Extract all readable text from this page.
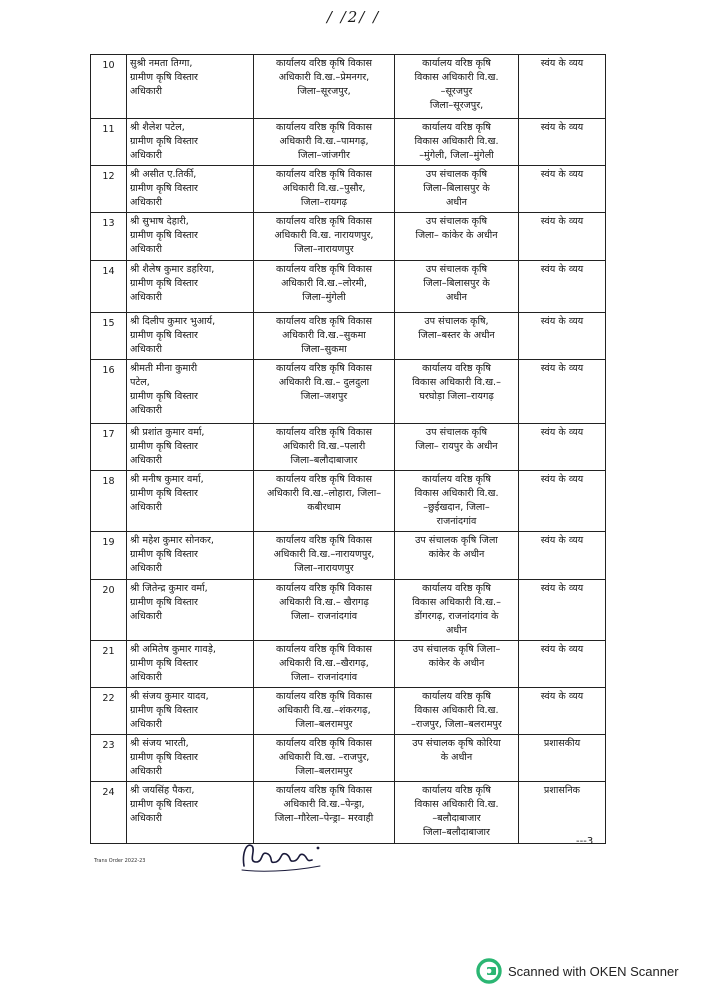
/ /2/ /
10	सुश्री नमता तिग्गा,
ग्रामीण कृषि विस्तार
अधिकारी	कार्यालय वरिष्ठ कृषि विकास
अधिकारी वि.ख.–प्रेमनगर,
जिला–सूरजपुर,	कार्यालय वरिष्ठ कृषि
विकास अधिकारी वि.ख.
–सूरजपुर
जिला–सूरजपुर,	स्वंय के व्यय
11	श्री शैलेश पटेल,
ग्रामीण कृषि विस्तार
अधिकारी	कार्यालय वरिष्ठ कृषि विकास
अधिकारी वि.ख.–पामगढ़,
जिला–जांजगीर	कार्यालय वरिष्ठ कृषि
विकास अधिकारी वि.ख.
–मुंगेली, जिला–मुंगेली	स्वंय के व्यय
12	श्री असीत ए.तिर्की,
ग्रामीण कृषि विस्तार
अधिकारी	कार्यालय वरिष्ठ कृषि विकास
अधिकारी वि.ख.–पुसौर,
जिला–रायगढ़	उप संचालक कृषि
जिला–बिलासपुर के
अधीन	स्वंय के व्यय
13	श्री सुभाष देहारी,
ग्रामीण कृषि विस्तार
अधिकारी	कार्यालय वरिष्ठ कृषि विकास
अधिकारी वि.ख. नारायणपुर,
जिला–नारायणपुर	उप संचालक कृषि
जिला– कांकेर के अधीन	स्वंय के व्यय
14	श्री शैलेष कुमार डहरिया,
ग्रामीण कृषि विस्तार
अधिकारी	कार्यालय वरिष्ठ कृषि विकास
अधिकारी वि.ख.–लोरमी,
जिला–मुंगेली	उप संचालक कृषि
जिला–बिलासपुर के
अधीन	स्वंय के व्यय
15	श्री दिलीप कुमार भुआर्य,
ग्रामीण कृषि विस्तार
अधिकारी	कार्यालय वरिष्ठ कृषि विकास
अधिकारी वि.ख.–सुकमा
जिला–सुकमा	उप संचालक कृषि,
जिला–बस्तर के अधीन	स्वंय के व्यय
16	श्रीमती मीना कुमारी
पटेल,
ग्रामीण कृषि विस्तार
अधिकारी	कार्यालय वरिष्ठ कृषि विकास
अधिकारी वि.ख.– दुलदुला
जिला–जशपुर	कार्यालय वरिष्ठ कृषि
विकास अधिकारी वि.ख.–
घरघोड़ा जिला–रायगढ़	स्वंय के व्यय
17	श्री प्रशांत कुमार वर्मा,
ग्रामीण कृषि विस्तार
अधिकारी	कार्यालय वरिष्ठ कृषि विकास
अधिकारी वि.ख.–पलारी
जिला–बलौदाबाजार	उप संचालक कृषि
जिला– रायपुर के अधीन	स्वंय के व्यय
18	श्री मनीष कुमार वर्मा,
ग्रामीण कृषि विस्तार
अधिकारी	कार्यालय वरिष्ठ कृषि विकास
अधिकारी वि.ख.–लोहारा, जिला–
कबीरधाम	कार्यालय वरिष्ठ कृषि
विकास अधिकारी वि.ख.
–छुईखदान, जिला–
राजनांदगांव	स्वंय के व्यय
19	श्री महेश कुमार सोनकर,
ग्रामीण कृषि विस्तार
अधिकारी	कार्यालय वरिष्ठ कृषि विकास
अधिकारी वि.ख.–नारायणपुर,
जिला–नारायणपुर	उप संचालक कृषि जिला
कांकेर के अधीन	स्वंय के व्यय
20	श्री जितेन्द्र कुमार वर्मा,
ग्रामीण कृषि विस्तार
अधिकारी	कार्यालय वरिष्ठ कृषि विकास
अधिकारी वि.ख.– खैरागढ़
जिला– राजनांदगांव	कार्यालय वरिष्ठ कृषि
विकास अधिकारी वि.ख.–
डोंगरगढ़, राजनांदगांव के
अधीन	स्वंय के व्यय
21	श्री अमितेष कुमार गावड़े,
ग्रामीण कृषि विस्तार
अधिकारी	कार्यालय वरिष्ठ कृषि विकास
अधिकारी वि.ख.–खैरागढ़,
जिला– राजनांदगांव	उप संचालक कृषि जिला–
कांकेर के अधीन	स्वंय के व्यय
22	श्री संजय कुमार यादव,
ग्रामीण कृषि विस्तार
अधिकारी	कार्यालय वरिष्ठ कृषि विकास
अधिकारी वि.ख.–शंकरगढ़,
जिला–बलरामपुर	कार्यालय वरिष्ठ कृषि
विकास अधिकारी वि.ख.
–राजपुर, जिला–बलरामपुर	स्वंय के व्यय
23	श्री संजय भारती,
ग्रामीण कृषि विस्तार
अधिकारी	कार्यालय वरिष्ठ कृषि विकास
अधिकारी वि.ख. –राजपुर,
जिला–बलरामपुर	उप संचालक कृषि कोरिया
के अधीन	प्रशासकीय
24	श्री जयसिंह पैकरा,
ग्रामीण कृषि विस्तार
अधिकारी	कार्यालय वरिष्ठ कृषि विकास
अधिकारी वि.ख.–पेन्ड्रा,
जिला–गौरेला–पेन्ड्रा– मरवाही	कार्यालय वरिष्ठ कृषि
विकास अधिकारी वि.ख.
–बलौदाबाजार
जिला–बलौदाबाजार	प्रशासनिक
Trans Order 2022-23
---3
Scanned with OKEN Scanner
